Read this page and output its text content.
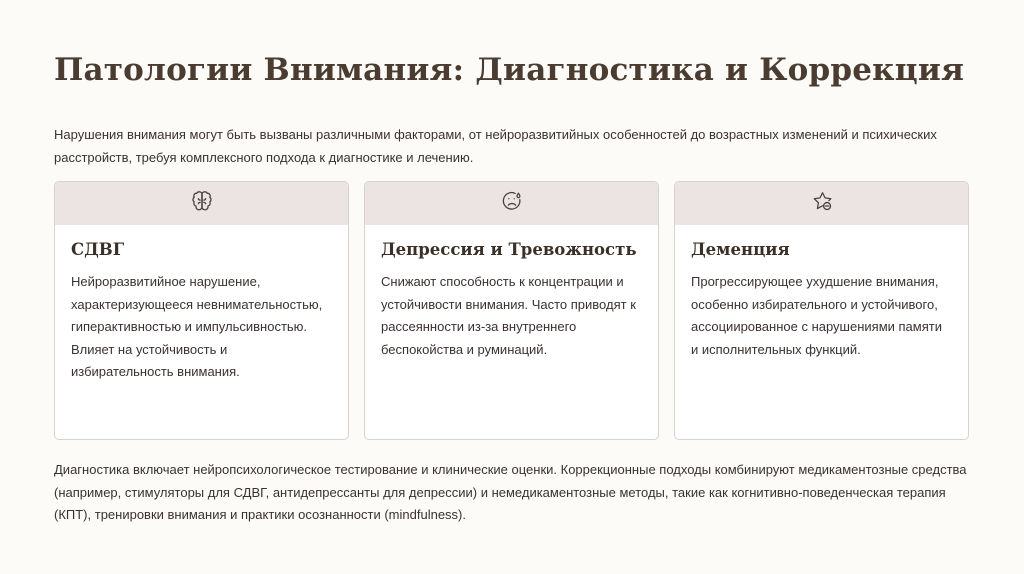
Патологии Внимания: Диагностика и Коррекция
Нарушения внимания могут быть вызваны различными факторами, от нейроразвитийных особенностей до возрастных изменений и психических расстройств, требуя комплексного подхода к диагностике и лечению.
СДВГ
Нейроразвитийное нарушение, характеризующееся невнимательностью, гиперактивностью и импульсивностью. Влияет на устойчивость и избирательность внимания.
Депрессия и Тревожность
Снижают способность к концентрации и устойчивости внимания. Часто приводят к рассеянности из-за внутреннего беспокойства и руминаций.
Деменция
Прогрессирующее ухудшение внимания, особенно избирательного и устойчивого, ассоциированное с нарушениями памяти и исполнительных функций.
Диагностика включает нейропсихологическое тестирование и клинические оценки. Коррекционные подходы комбинируют медикаментозные средства (например, стимуляторы для СДВГ, антидепрессанты для депрессии) и немедикаментозные методы, такие как когнитивно-поведенческая терапия (КПТ), тренировки внимания и практики осознанности (mindfulness).
